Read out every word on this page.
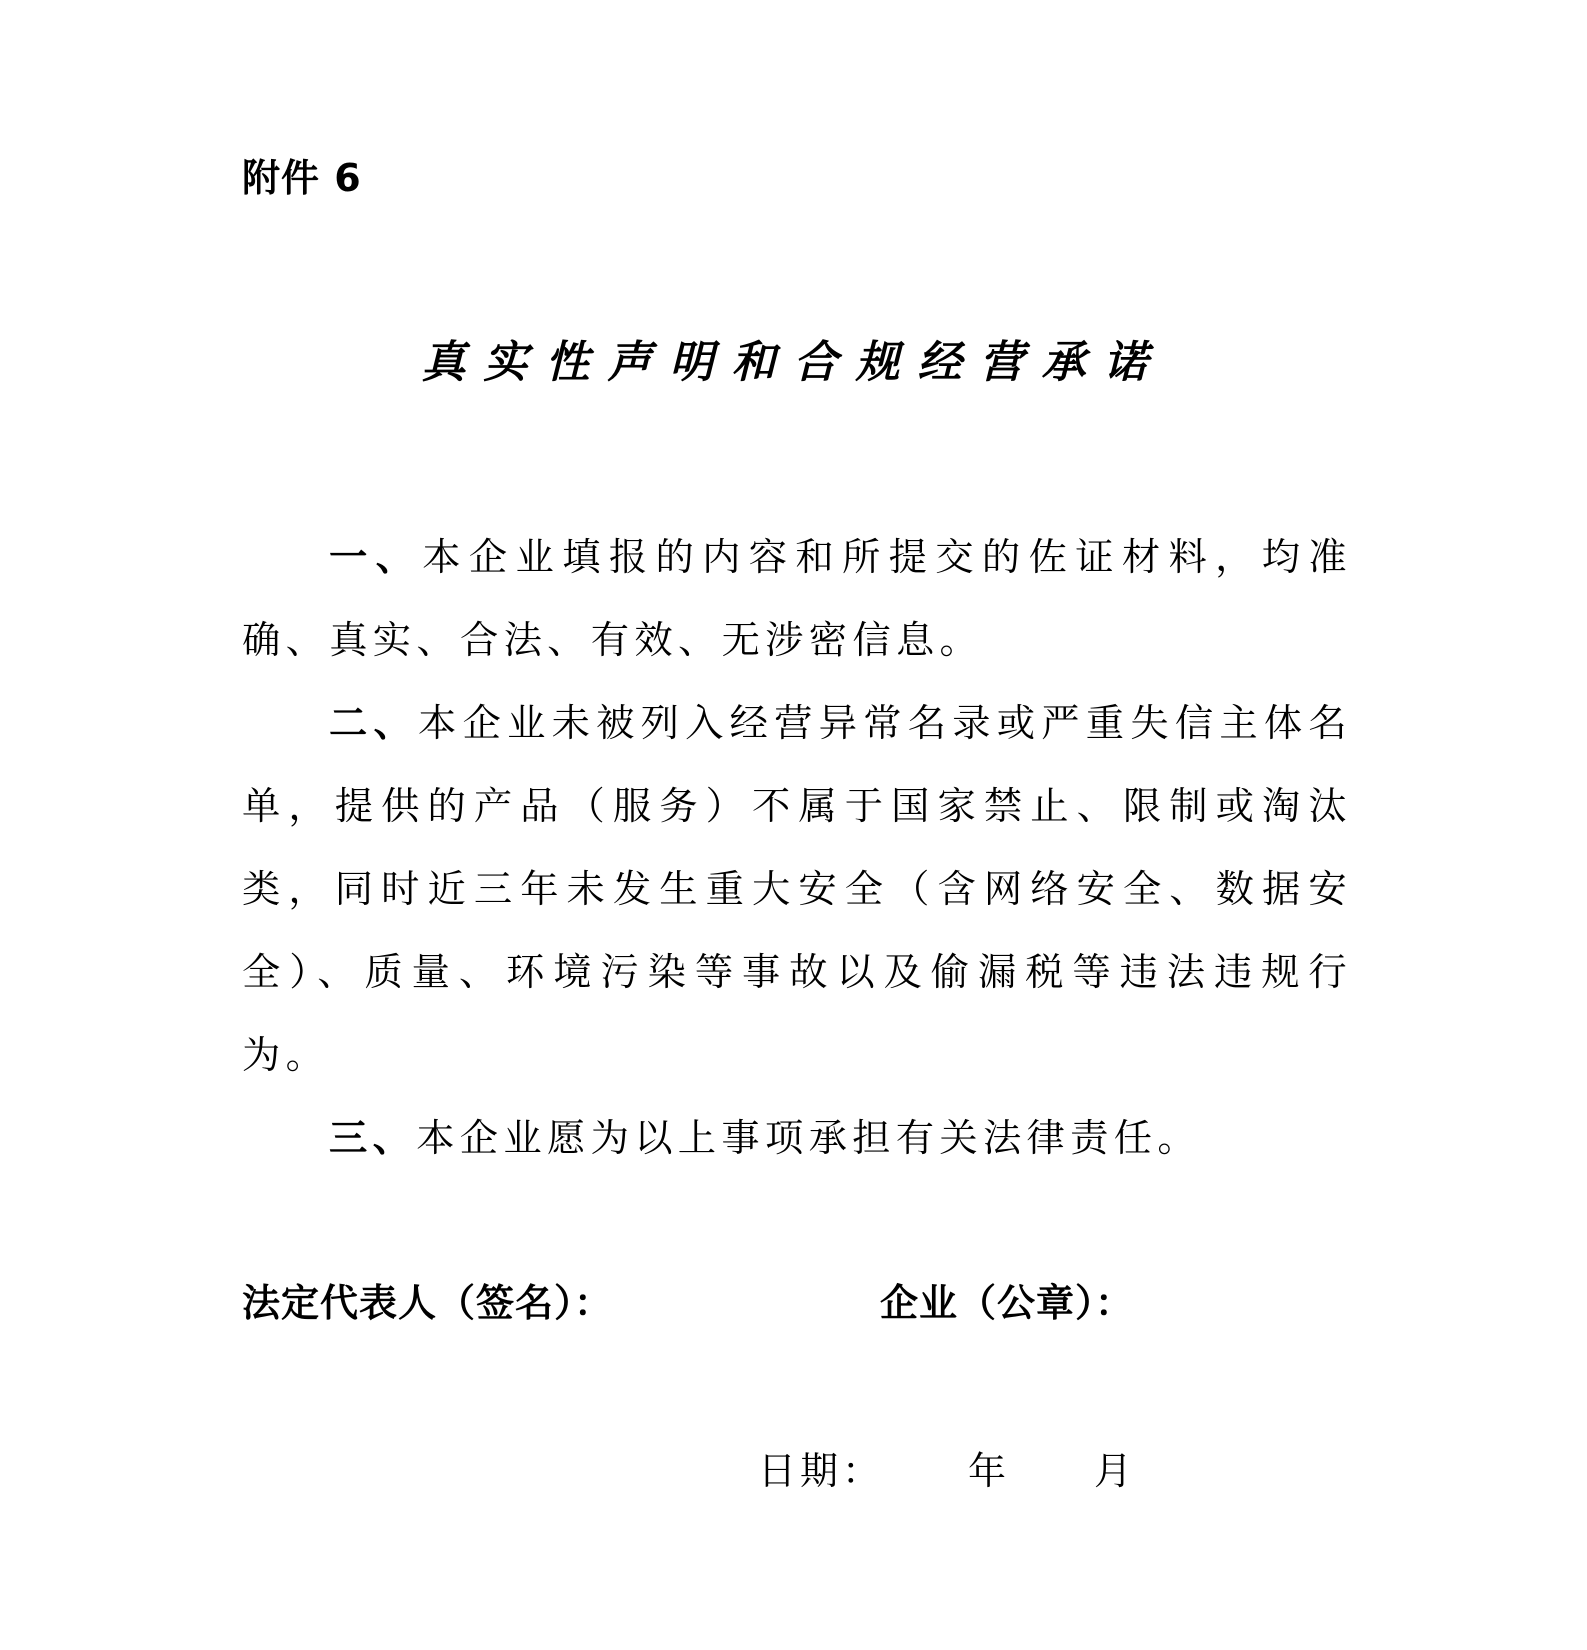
附件 6
真实性声明和合规经营承诺

一、本企业填报的内容和所提交的佐证材料，均准确、真实、合法、有效、无涉密信息。

二、本企业未被列入经营异常名录或严重失信主体名单，提供的产品（服务）不属于国家禁止、限制或淘汰类，同时近三年未发生重大安全（含网络安全、数据安全）、质量、环境污染等事故以及偷漏税等违法违规行为。

三、本企业愿为以上事项承担有关法律责任。

法定代表人（签名）：	企业（公章）：
日期： 年 月
